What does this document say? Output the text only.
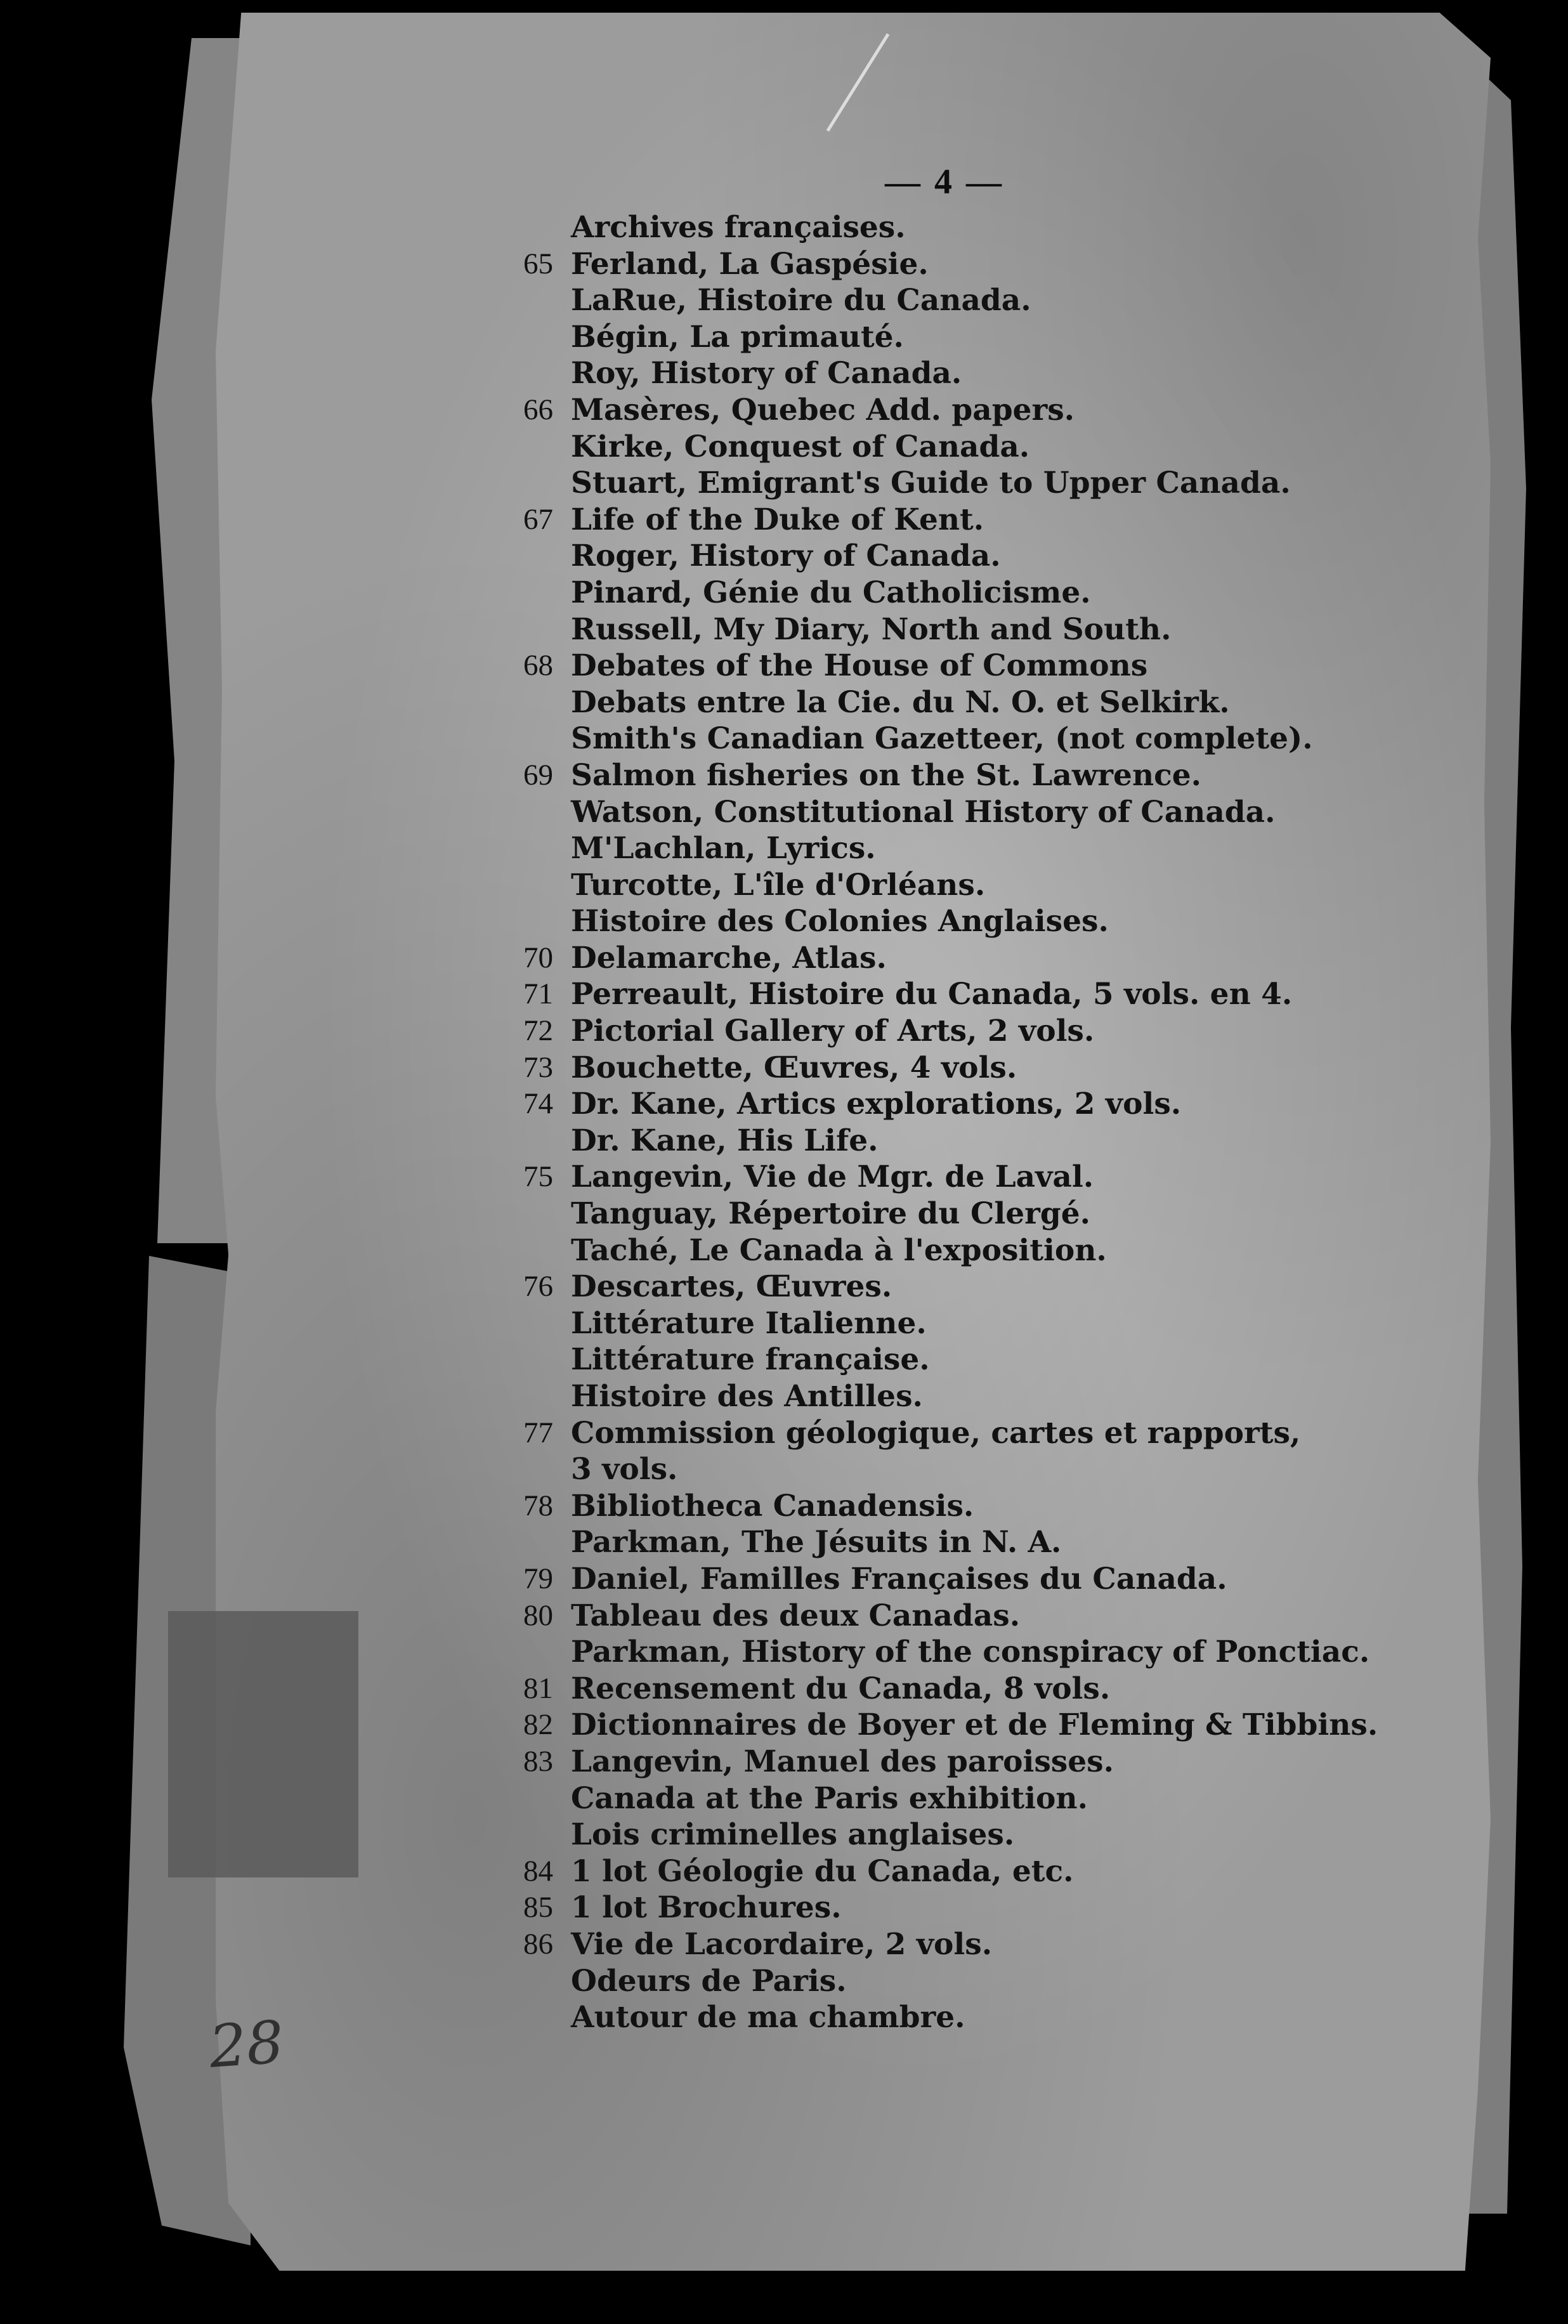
— 4 —
Archives françaises.
65 Ferland, La Gaspésie.
LaRue, Histoire du Canada.
Bégin, La primauté.
Roy, History of Canada.
66 Masères, Quebec Add. papers.
Kirke, Conquest of Canada.
Stuart, Emigrant's Guide to Upper Canada.
67 Life of the Duke of Kent.
Roger, History of Canada.
Pinard, Génie du Catholicisme.
Russell, My Diary, North and South.
68 Debates of the House of Commons
Debats entre la Cie. du N. O. et Selkirk.
Smith's Canadian Gazetteer, (not complete).
69 Salmon fisheries on the St. Lawrence.
Watson, Constitutional History of Canada.
M'Lachlan, Lyrics.
Turcotte, L'île d'Orléans.
Histoire des Colonies Anglaises.
70 Delamarche, Atlas.
71 Perreault, Histoire du Canada, 5 vols. en 4.
72 Pictorial Gallery of Arts, 2 vols.
73 Bouchette, Œuvres, 4 vols.
74 Dr. Kane, Artics explorations, 2 vols.
Dr. Kane, His Life.
75 Langevin, Vie de Mgr. de Laval.
Tanguay, Répertoire du Clergé.
Taché, Le Canada à l'exposition.
76 Descartes, Œuvres.
Littérature Italienne.
Littérature française.
Histoire des Antilles.
77 Commission géologique, cartes et rapports,
3 vols.
78 Bibliotheca Canadensis.
Parkman, The Jésuits in N. A.
79 Daniel, Familles Françaises du Canada.
80 Tableau des deux Canadas.
Parkman, History of the conspiracy of Ponctiac.
81 Recensement du Canada, 8 vols.
82 Dictionnaires de Boyer et de Fleming & Tibbins.
83 Langevin, Manuel des paroisses.
Canada at the Paris exhibition.
Lois criminelles anglaises.
84 1 lot Géologie du Canada, etc.
85 1 lot Brochures.
86 Vie de Lacordaire, 2 vols.
Odeurs de Paris.
Autour de ma chambre.
28
